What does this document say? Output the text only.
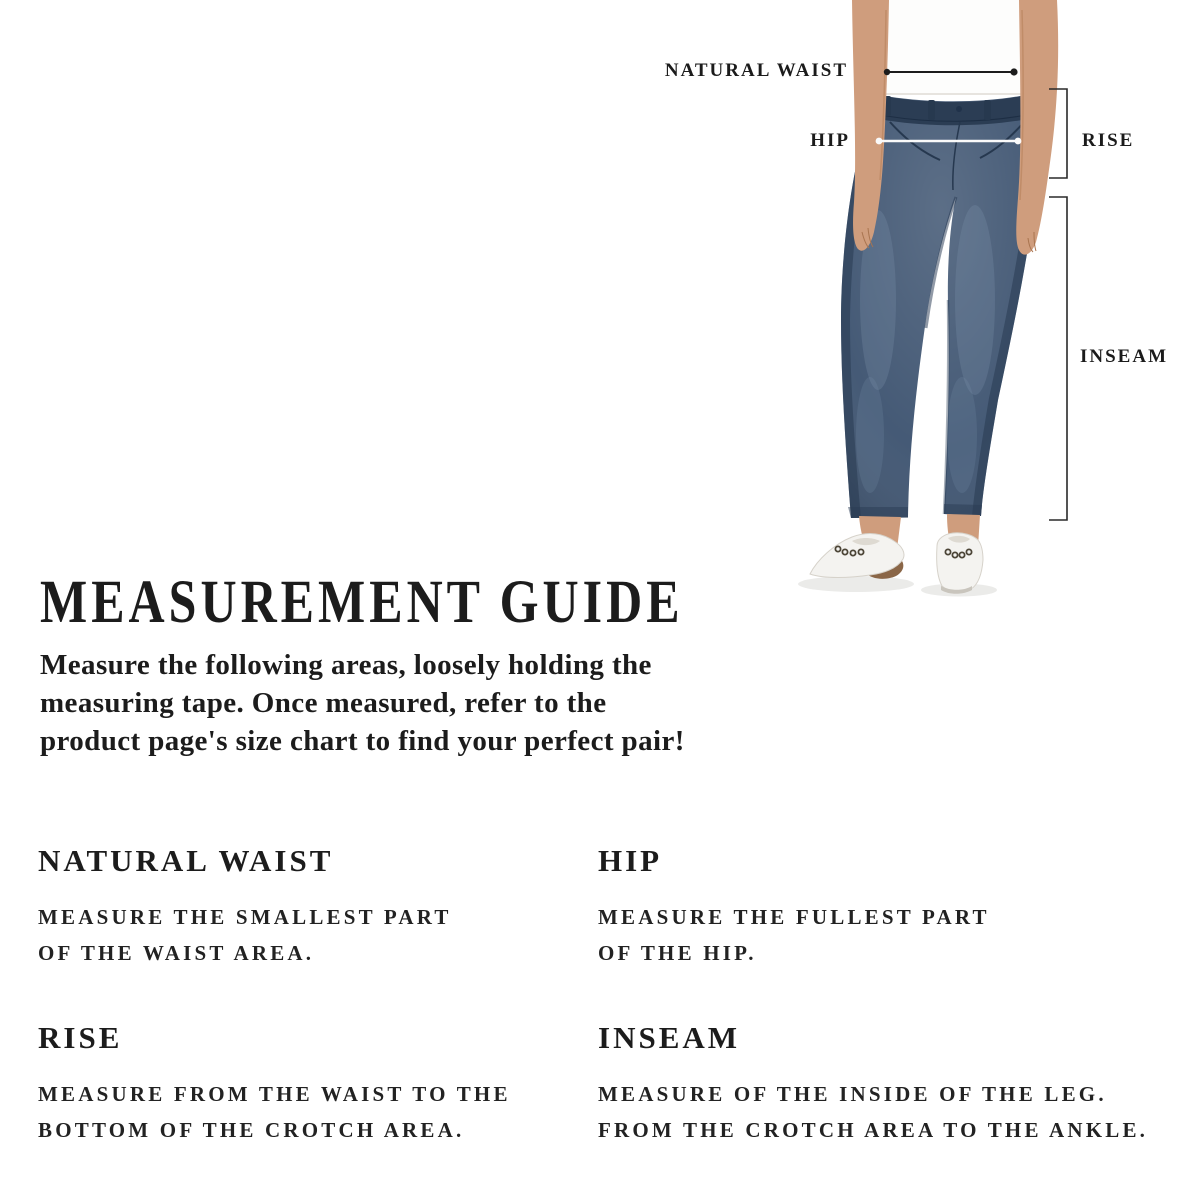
NATURAL WAIST
HIP	RISE
INSEAM
MEASUREMENT GUIDE
Measure the following areas, loosely holding the
measuring tape. Once measured, refer to the
product page's size chart to find your perfect pair!
NATURAL WAIST
MEASURE THE SMALLEST PART
OF THE WAIST AREA.
HIP
MEASURE THE FULLEST PART
OF THE HIP.
RISE
MEASURE FROM THE WAIST TO THE
BOTTOM OF THE CROTCH AREA.
INSEAM
MEASURE OF THE INSIDE OF THE LEG.
FROM THE CROTCH AREA TO THE ANKLE.
